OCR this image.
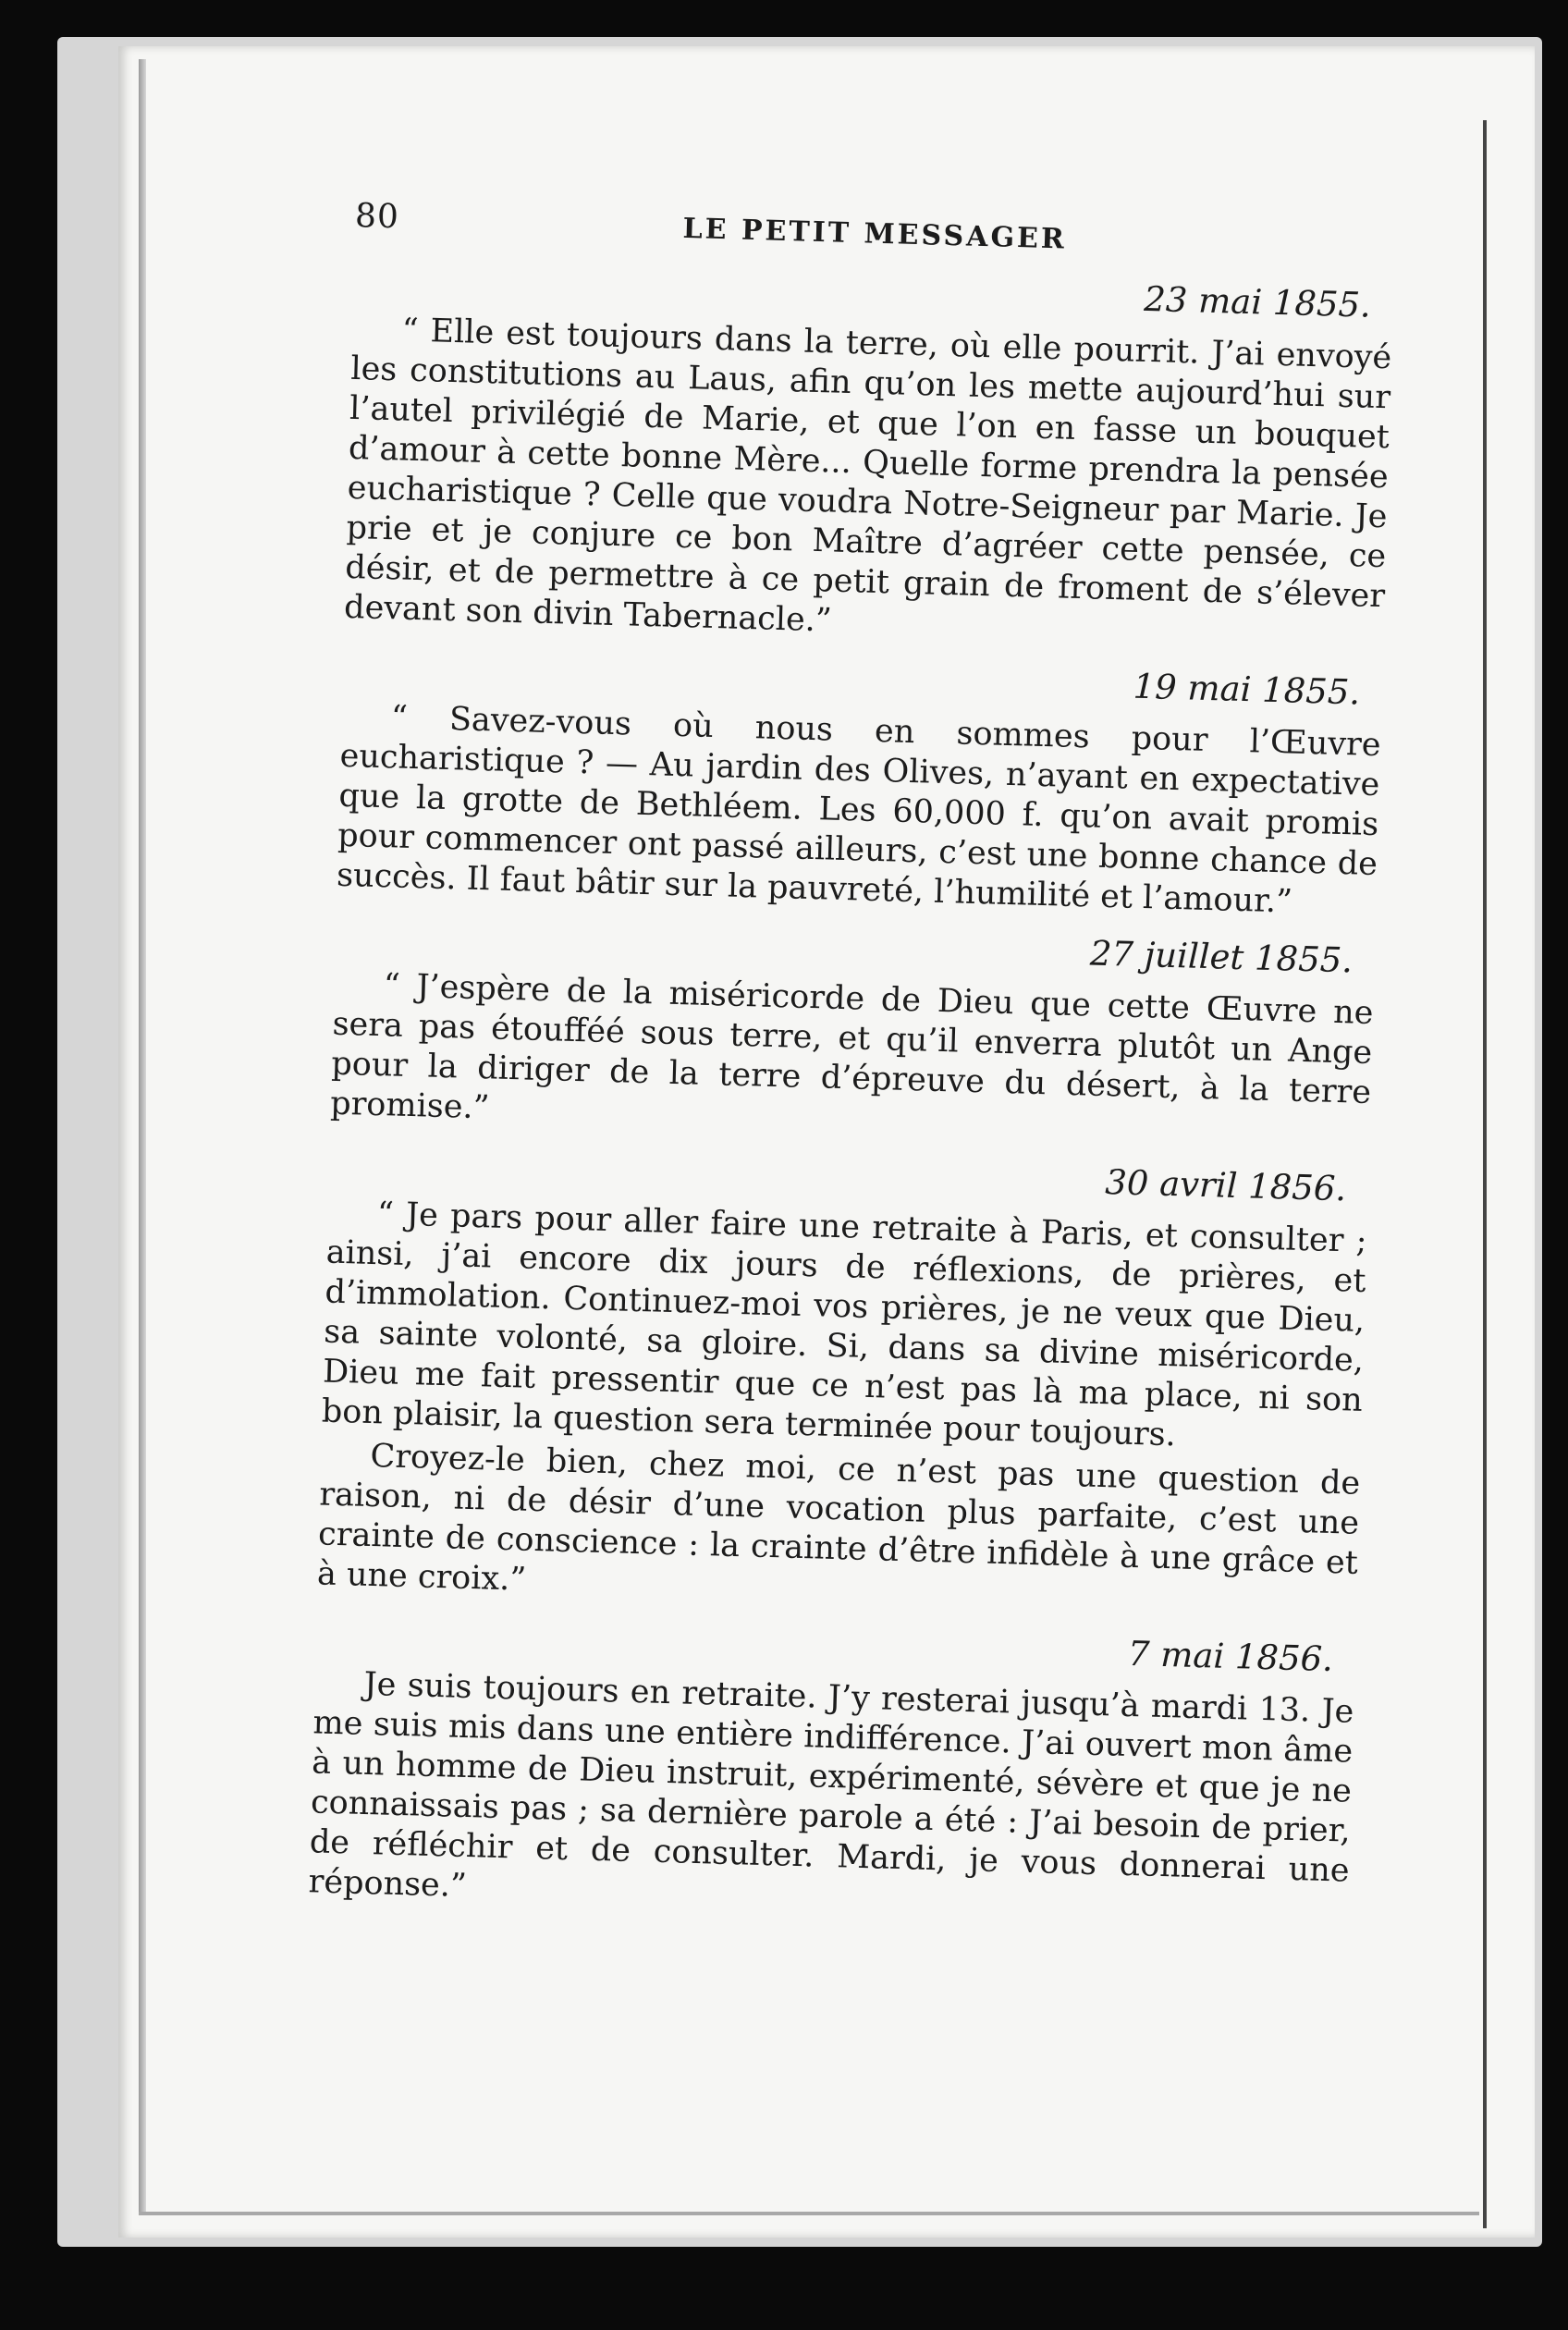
80	LE PETIT MESSAGER
23 mai 1855.

“ Elle est toujours dans la terre, où elle pourrit. J’ai envoyé les constitutions au Laus, afin qu’on les mette aujourd’hui sur l’autel privilégié de Marie, et que l’on en fasse un bouquet d’amour à cette bonne Mère... Quelle forme prendra la pensée eucharistique ? Celle que voudra Notre-Seigneur par Marie. Je prie et je conjure ce bon Maître d’agréer cette pensée, ce désir, et de permettre à ce petit grain de froment de s’élever devant son divin Tabernacle.”

19 mai 1855.

“ Savez-vous où nous en sommes pour l’Œuvre eucharistique ? — Au jardin des Olives, n’ayant en expectative que la grotte de Bethléem. Les 60,000 f. qu’on avait promis pour commencer ont passé ailleurs, c’est une bonne chance de succès. Il faut bâtir sur la pauvreté, l’humilité et l’amour.”

27 juillet 1855.

“ J’espère de la miséricorde de Dieu que cette Œuvre ne sera pas étoufféé sous terre, et qu’il enverra plutôt un Ange pour la diriger de la terre d’épreuve du désert, à la terre promise.”

30 avril 1856.

“ Je pars pour aller faire une retraite à Paris, et consulter ; ainsi, j’ai encore dix jours de réflexions, de prières, et d’immolation. Continuez-moi vos prières, je ne veux que Dieu, sa sainte volonté, sa gloire. Si, dans sa divine miséricorde, Dieu me fait pressentir que ce n’est pas là ma place, ni son bon plaisir, la question sera terminée pour toujours.

Croyez-le bien, chez moi, ce n’est pas une question de raison, ni de désir d’une vocation plus parfaite, c’est une crainte de conscience : la crainte d’être infidèle à une grâce et à une croix.”

7 mai 1856.

Je suis toujours en retraite. J’y resterai jusqu’à mardi 13. Je me suis mis dans une entière indifférence. J’ai ouvert mon âme à un homme de Dieu instruit, expérimenté, sévère et que je ne connaissais pas ; sa dernière parole a été : J’ai besoin de prier, de réfléchir et de consulter. Mardi, je vous donnerai une réponse.”
